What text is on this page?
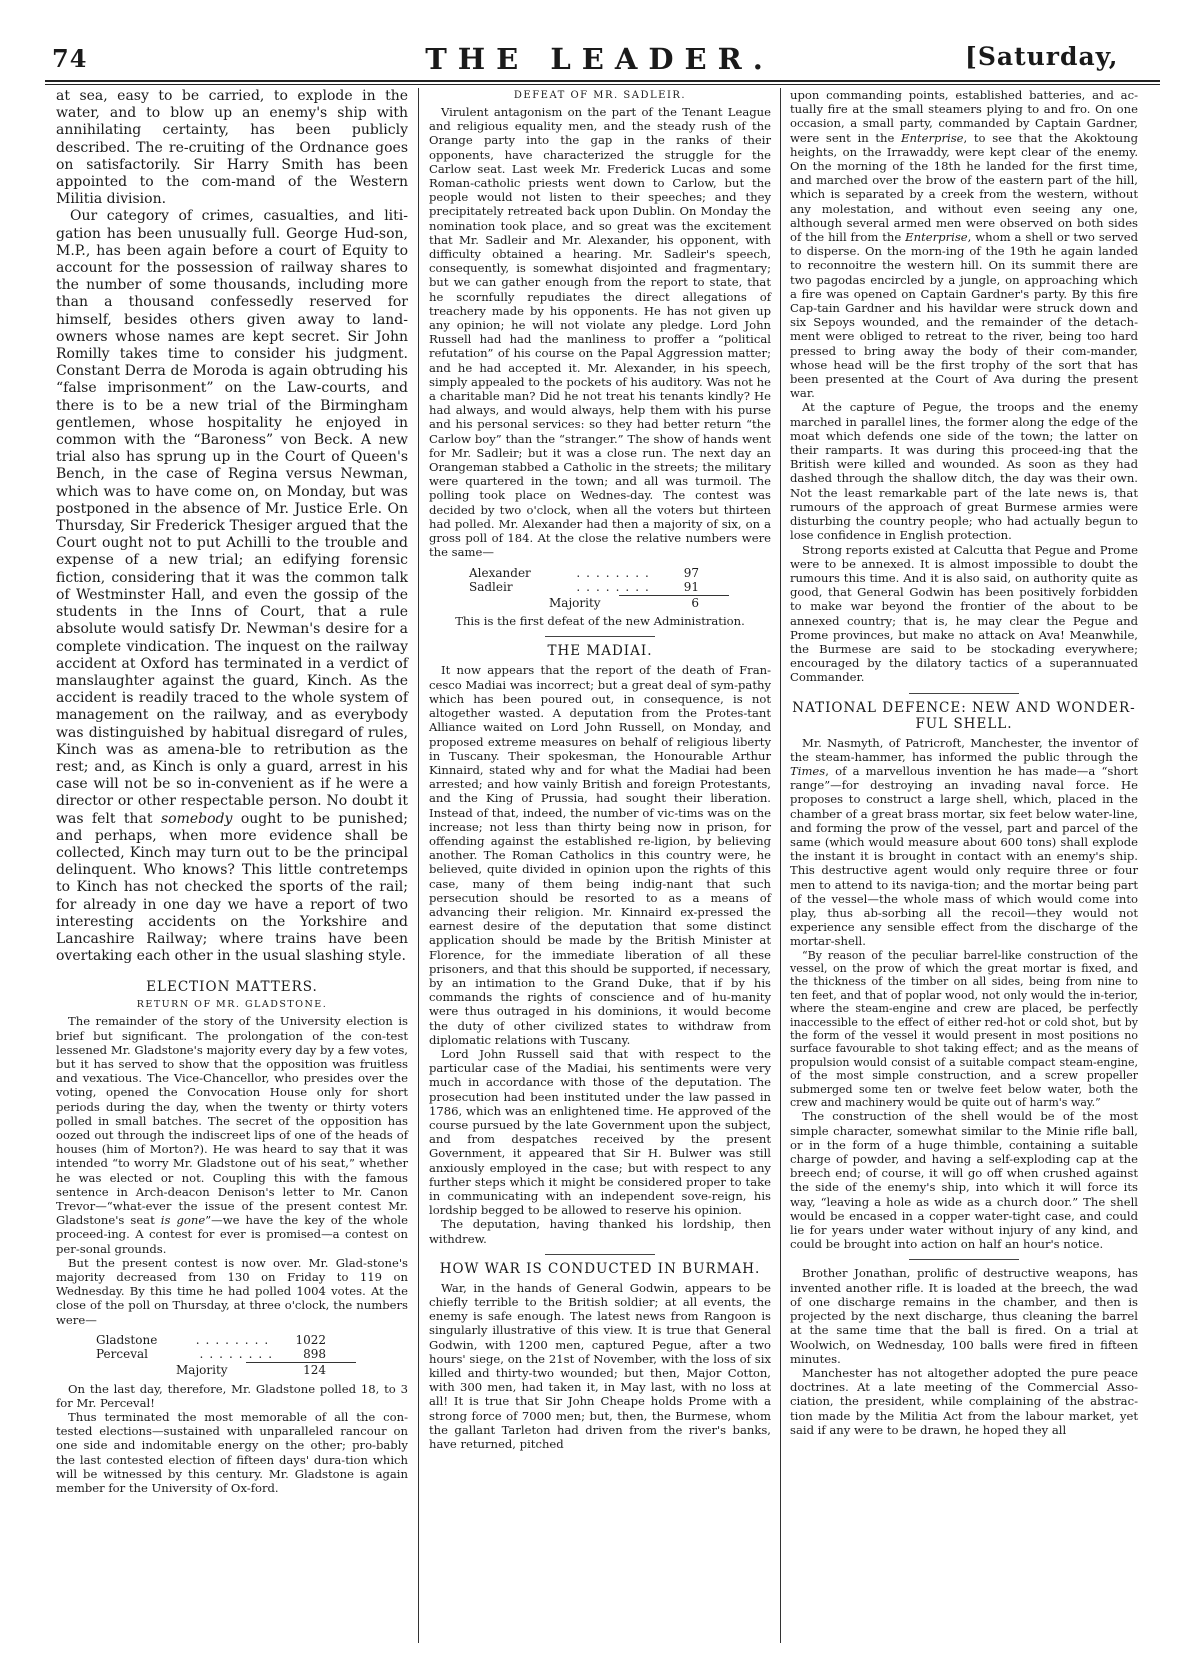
74	THE LEADER.	[Saturday,

at sea, easy to be carried, to explode in the water, and to blow up an enemy's ship with annihilating certainty, has been publicly described. The re-cruiting of the Ordnance goes on satisfactorily. Sir Harry Smith has been appointed to the com-mand of the Western Militia division.

Our category of crimes, casualties, and liti-gation has been unusually full. George Hud-son, M.P., has been again before a court of Equity to account for the possession of railway shares to the number of some thousands, including more than a thousand confessedly reserved for himself, besides others given away to land-owners whose names are kept secret. Sir John Romilly takes time to consider his judgment. Constant Derra de Moroda is again obtruding his “false imprisonment” on the Law-courts, and there is to be a new trial of the Birmingham gentlemen, whose hospitality he enjoyed in common with the “Baroness” von Beck. A new trial also has sprung up in the Court of Queen's Bench, in the case of Regina versus Newman, which was to have come on, on Monday, but was postponed in the absence of Mr. Justice Erle. On Thursday, Sir Frederick Thesiger argued that the Court ought not to put Achilli to the trouble and expense of a new trial; an edifying forensic fiction, considering that it was the common talk of Westminster Hall, and even the gossip of the students in the Inns of Court, that a rule absolute would satisfy Dr. Newman's desire for a complete vindication. The inquest on the railway accident at Oxford has terminated in a verdict of manslaughter against the guard, Kinch. As the accident is readily traced to the whole system of management on the railway, and as everybody was distinguished by habitual disregard of rules, Kinch was as amena-ble to retribution as the rest; and, as Kinch is only a guard, arrest in his case will not be so in-convenient as if he were a director or other respectable person. No doubt it was felt that somebody ought to be punished; and perhaps, when more evidence shall be collected, Kinch may turn out to be the principal delinquent. Who knows? This little contretemps to Kinch has not checked the sports of the rail; for already in one day we have a report of two interesting accidents on the Yorkshire and Lancashire Railway; where trains have been overtaking each other in the usual slashing style.

ELECTION MATTERS.
RETURN OF MR. GLADSTONE.

The remainder of the story of the University election is brief but significant. The prolongation of the con-test lessened Mr. Gladstone's majority every day by a few votes, but it has served to show that the opposition was fruitless and vexatious. The Vice-Chancellor, who presides over the voting, opened the Convocation House only for short periods during the day, when the twenty or thirty voters polled in small batches. The secret of the opposition has oozed out through the indiscreet lips of one of the heads of houses (him of Morton?). He was heard to say that it was intended “to worry Mr. Gladstone out of his seat,” whether he was elected or not. Coupling this with the famous sentence in Arch-deacon Denison's letter to Mr. Canon Trevor—“what-ever the issue of the present contest Mr. Gladstone's seat is gone”—we have the key of the whole proceed-ing. A contest for ever is promised—a contest on per-sonal grounds.

But the present contest is now over. Mr. Glad-stone's majority decreased from 130 on Friday to 119 on Wednesday. By this time he had polled 1004 votes. At the close of the poll on Thursday, at three o'clock, the numbers were—

Gladstone	........	1022
Perceval	........	898
Majority	124

On the last day, therefore, Mr. Gladstone polled 18, to 3 for Mr. Perceval!

Thus terminated the most memorable of all the con-tested elections—sustained with unparalleled rancour on one side and indomitable energy on the other; pro-bably the last contested election of fifteen days' dura-tion which will be witnessed by this century. Mr. Gladstone is again member for the University of Ox-ford.

DEFEAT OF MR. SADLEIR.

Virulent antagonism on the part of the Tenant League and religious equality men, and the steady rush of the Orange party into the gap in the ranks of their opponents, have characterized the struggle for the Carlow seat. Last week Mr. Frederick Lucas and some Roman-catholic priests went down to Carlow, but the people would not listen to their speeches; and they precipitately retreated back upon Dublin. On Monday the nomination took place, and so great was the excitement that Mr. Sadleir and Mr. Alexander, his opponent, with difficulty obtained a hearing. Mr. Sadleir's speech, consequently, is somewhat disjointed and fragmentary; but we can gather enough from the report to state, that he scornfully repudiates the direct allegations of treachery made by his opponents. He has not given up any opinion; he will not violate any pledge. Lord John Russell had had the manliness to proffer a “political refutation” of his course on the Papal Aggression matter; and he had accepted it. Mr. Alexander, in his speech, simply appealed to the pockets of his auditory. Was not he a charitable man? Did he not treat his tenants kindly? He had always, and would always, help them with his purse and his personal services: so they had better return “the Carlow boy” than the “stranger.” The show of hands went for Mr. Sadleir; but it was a close run. The next day an Orangeman stabbed a Catholic in the streets; the military were quartered in the town; and all was turmoil. The polling took place on Wednes-day. The contest was decided by two o'clock, when all the voters but thirteen had polled. Mr. Alexander had then a majority of six, on a gross poll of 184. At the close the relative numbers were the same—

Alexander	........	97
Sadleir	........	91
Majority	6

This is the first defeat of the new Administration.

THE MADIAI.

It now appears that the report of the death of Fran-cesco Madiai was incorrect; but a great deal of sym-pathy which has been poured out, in consequence, is not altogether wasted. A deputation from the Protes-tant Alliance waited on Lord John Russell, on Monday, and proposed extreme measures on behalf of religious liberty in Tuscany. Their spokesman, the Honourable Arthur Kinnaird, stated why and for what the Madiai had been arrested; and how vainly British and foreign Protestants, and the King of Prussia, had sought their liberation. Instead of that, indeed, the number of vic-tims was on the increase; not less than thirty being now in prison, for offending against the established re-ligion, by believing another. The Roman Catholics in this country were, he believed, quite divided in opinion upon the rights of this case, many of them being indig-nant that such persecution should be resorted to as a means of advancing their religion. Mr. Kinnaird ex-pressed the earnest desire of the deputation that some distinct application should be made by the British Minister at Florence, for the immediate liberation of all these prisoners, and that this should be supported, if necessary, by an intimation to the Grand Duke, that if by his commands the rights of conscience and of hu-manity were thus outraged in his dominions, it would become the duty of other civilized states to withdraw from diplomatic relations with Tuscany.

Lord John Russell said that with respect to the particular case of the Madiai, his sentiments were very much in accordance with those of the deputation. The prosecution had been instituted under the law passed in 1786, which was an enlightened time. He approved of the course pursued by the late Government upon the subject, and from despatches received by the present Government, it appeared that Sir H. Bulwer was still anxiously employed in the case; but with respect to any further steps which it might be considered proper to take in communicating with an independent sove-reign, his lordship begged to be allowed to reserve his opinion.

The deputation, having thanked his lordship, then withdrew.

HOW WAR IS CONDUCTED IN BURMAH.

War, in the hands of General Godwin, appears to be chiefly terrible to the British soldier; at all events, the enemy is safe enough. The latest news from Rangoon is singularly illustrative of this view. It is true that General Godwin, with 1200 men, captured Pegue, after a two hours' siege, on the 21st of November, with the loss of six killed and thirty-two wounded; but then, Major Cotton, with 300 men, had taken it, in May last, with no loss at all! It is true that Sir John Cheape holds Prome with a strong force of 7000 men; but, then, the Burmese, whom the gallant Tarleton had driven from the river's banks, have returned, pitched

upon commanding points, established batteries, and ac-tually fire at the small steamers plying to and fro. On one occasion, a small party, commanded by Captain Gardner, were sent in the Enterprise, to see that the Akoktoung heights, on the Irrawaddy, were kept clear of the enemy. On the morning of the 18th he landed for the first time, and marched over the brow of the eastern part of the hill, which is separated by a creek from the western, without any molestation, and without even seeing any one, although several armed men were observed on both sides of the hill from the Enterprise, whom a shell or two served to disperse. On the morn-ing of the 19th he again landed to reconnoitre the western hill. On its summit there are two pagodas encircled by a jungle, on approaching which a fire was opened on Captain Gardner's party. By this fire Cap-tain Gardner and his havildar were struck down and six Sepoys wounded, and the remainder of the detach-ment were obliged to retreat to the river, being too hard pressed to bring away the body of their com-mander, whose head will be the first trophy of the sort that has been presented at the Court of Ava during the present war.

At the capture of Pegue, the troops and the enemy marched in parallel lines, the former along the edge of the moat which defends one side of the town; the latter on their ramparts. It was during this proceed-ing that the British were killed and wounded. As soon as they had dashed through the shallow ditch, the day was their own. Not the least remarkable part of the late news is, that rumours of the approach of great Burmese armies were disturbing the country people; who had actually begun to lose confidence in English protection.

Strong reports existed at Calcutta that Pegue and Prome were to be annexed. It is almost impossible to doubt the rumours this time. And it is also said, on authority quite as good, that General Godwin has been positively forbidden to make war beyond the frontier of the about to be annexed country; that is, he may clear the Pegue and Prome provinces, but make no attack on Ava! Meanwhile, the Burmese are said to be stockading everywhere; encouraged by the dilatory tactics of a superannuated Commander.

NATIONAL DEFENCE: NEW AND WONDER-FUL SHELL.

Mr. Nasmyth, of Patricroft, Manchester, the inventor of the steam-hammer, has informed the public through the Times, of a marvellous invention he has made—a “short range”—for destroying an invading naval force. He proposes to construct a large shell, which, placed in the chamber of a great brass mortar, six feet below water-line, and forming the prow of the vessel, part and parcel of the same (which would measure about 600 tons) shall explode the instant it is brought in contact with an enemy's ship. This destructive agent would only require three or four men to attend to its naviga-tion; and the mortar being part of the vessel—the whole mass of which would come into play, thus ab-sorbing all the recoil—they would not experience any sensible effect from the discharge of the mortar-shell.

“By reason of the peculiar barrel-like construction of the vessel, on the prow of which the great mortar is fixed, and the thickness of the timber on all sides, being from nine to ten feet, and that of poplar wood, not only would the in-terior, where the steam-engine and crew are placed, be perfectly inaccessible to the effect of either red-hot or cold shot, but by the form of the vessel it would present in most positions no surface favourable to shot taking effect; and as the means of propulsion would consist of a suitable compact steam-engine, of the most simple construction, and a screw propeller submerged some ten or twelve feet below water, both the crew and machinery would be quite out of harm's way.”

The construction of the shell would be of the most simple character, somewhat similar to the Minie rifle ball, or in the form of a huge thimble, containing a suitable charge of powder, and having a self-exploding cap at the breech end; of course, it will go off when crushed against the side of the enemy's ship, into which it will force its way, “leaving a hole as wide as a church door.” The shell would be encased in a copper water-tight case, and could lie for years under water without injury of any kind, and could be brought into action on half an hour's notice.

Brother Jonathan, prolific of destructive weapons, has invented another rifle. It is loaded at the breech, the wad of one discharge remains in the chamber, and then is projected by the next discharge, thus cleaning the barrel at the same time that the ball is fired. On a trial at Woolwich, on Wednesday, 100 balls were fired in fifteen minutes.

Manchester has not altogether adopted the pure peace doctrines. At a late meeting of the Commercial Asso-ciation, the president, while complaining of the abstrac-tion made by the Militia Act from the labour market, yet said if any were to be drawn, he hoped they all
